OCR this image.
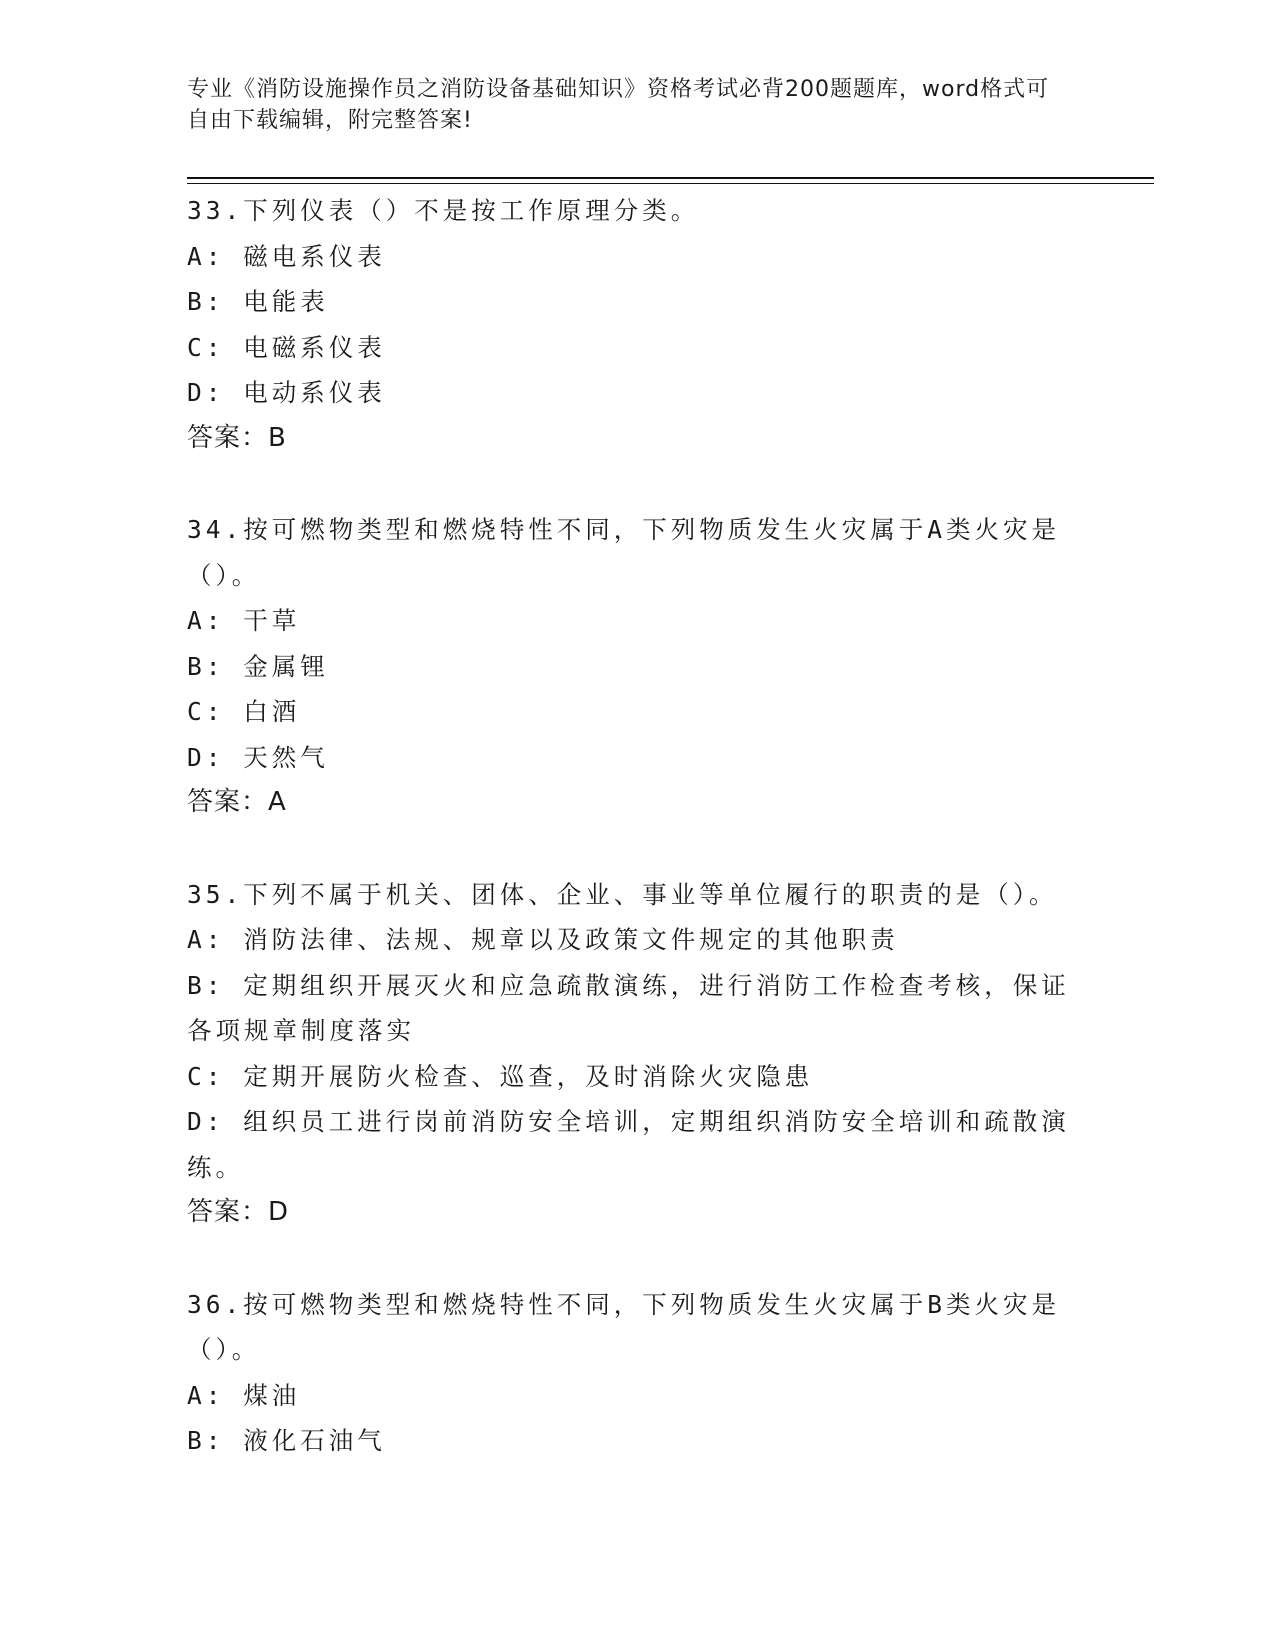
专业《消防设施操作员之消防设备基础知识》资格考试必背200题题库，word格式可自由下载编辑，附完整答案!
33.下列仪表（）不是按工作原理分类。
A: 磁电系仪表
B: 电能表
C: 电磁系仪表
D: 电动系仪表
答案：B
34.按可燃物类型和燃烧特性不同，下列物质发生火灾属于A类火灾是（）。
A: 干草
B: 金属锂
C: 白酒
D: 天然气
答案：A
35.下列不属于机关、团体、企业、事业等单位履行的职责的是（）。
A: 消防法律、法规、规章以及政策文件规定的其他职责
B: 定期组织开展灭火和应急疏散演练，进行消防工作检查考核，保证各项规章制度落实
C: 定期开展防火检查、巡查，及时消除火灾隐患
D: 组织员工进行岗前消防安全培训，定期组织消防安全培训和疏散演练。
答案：D
36.按可燃物类型和燃烧特性不同，下列物质发生火灾属于B类火灾是（）。
A: 煤油
B: 液化石油气
